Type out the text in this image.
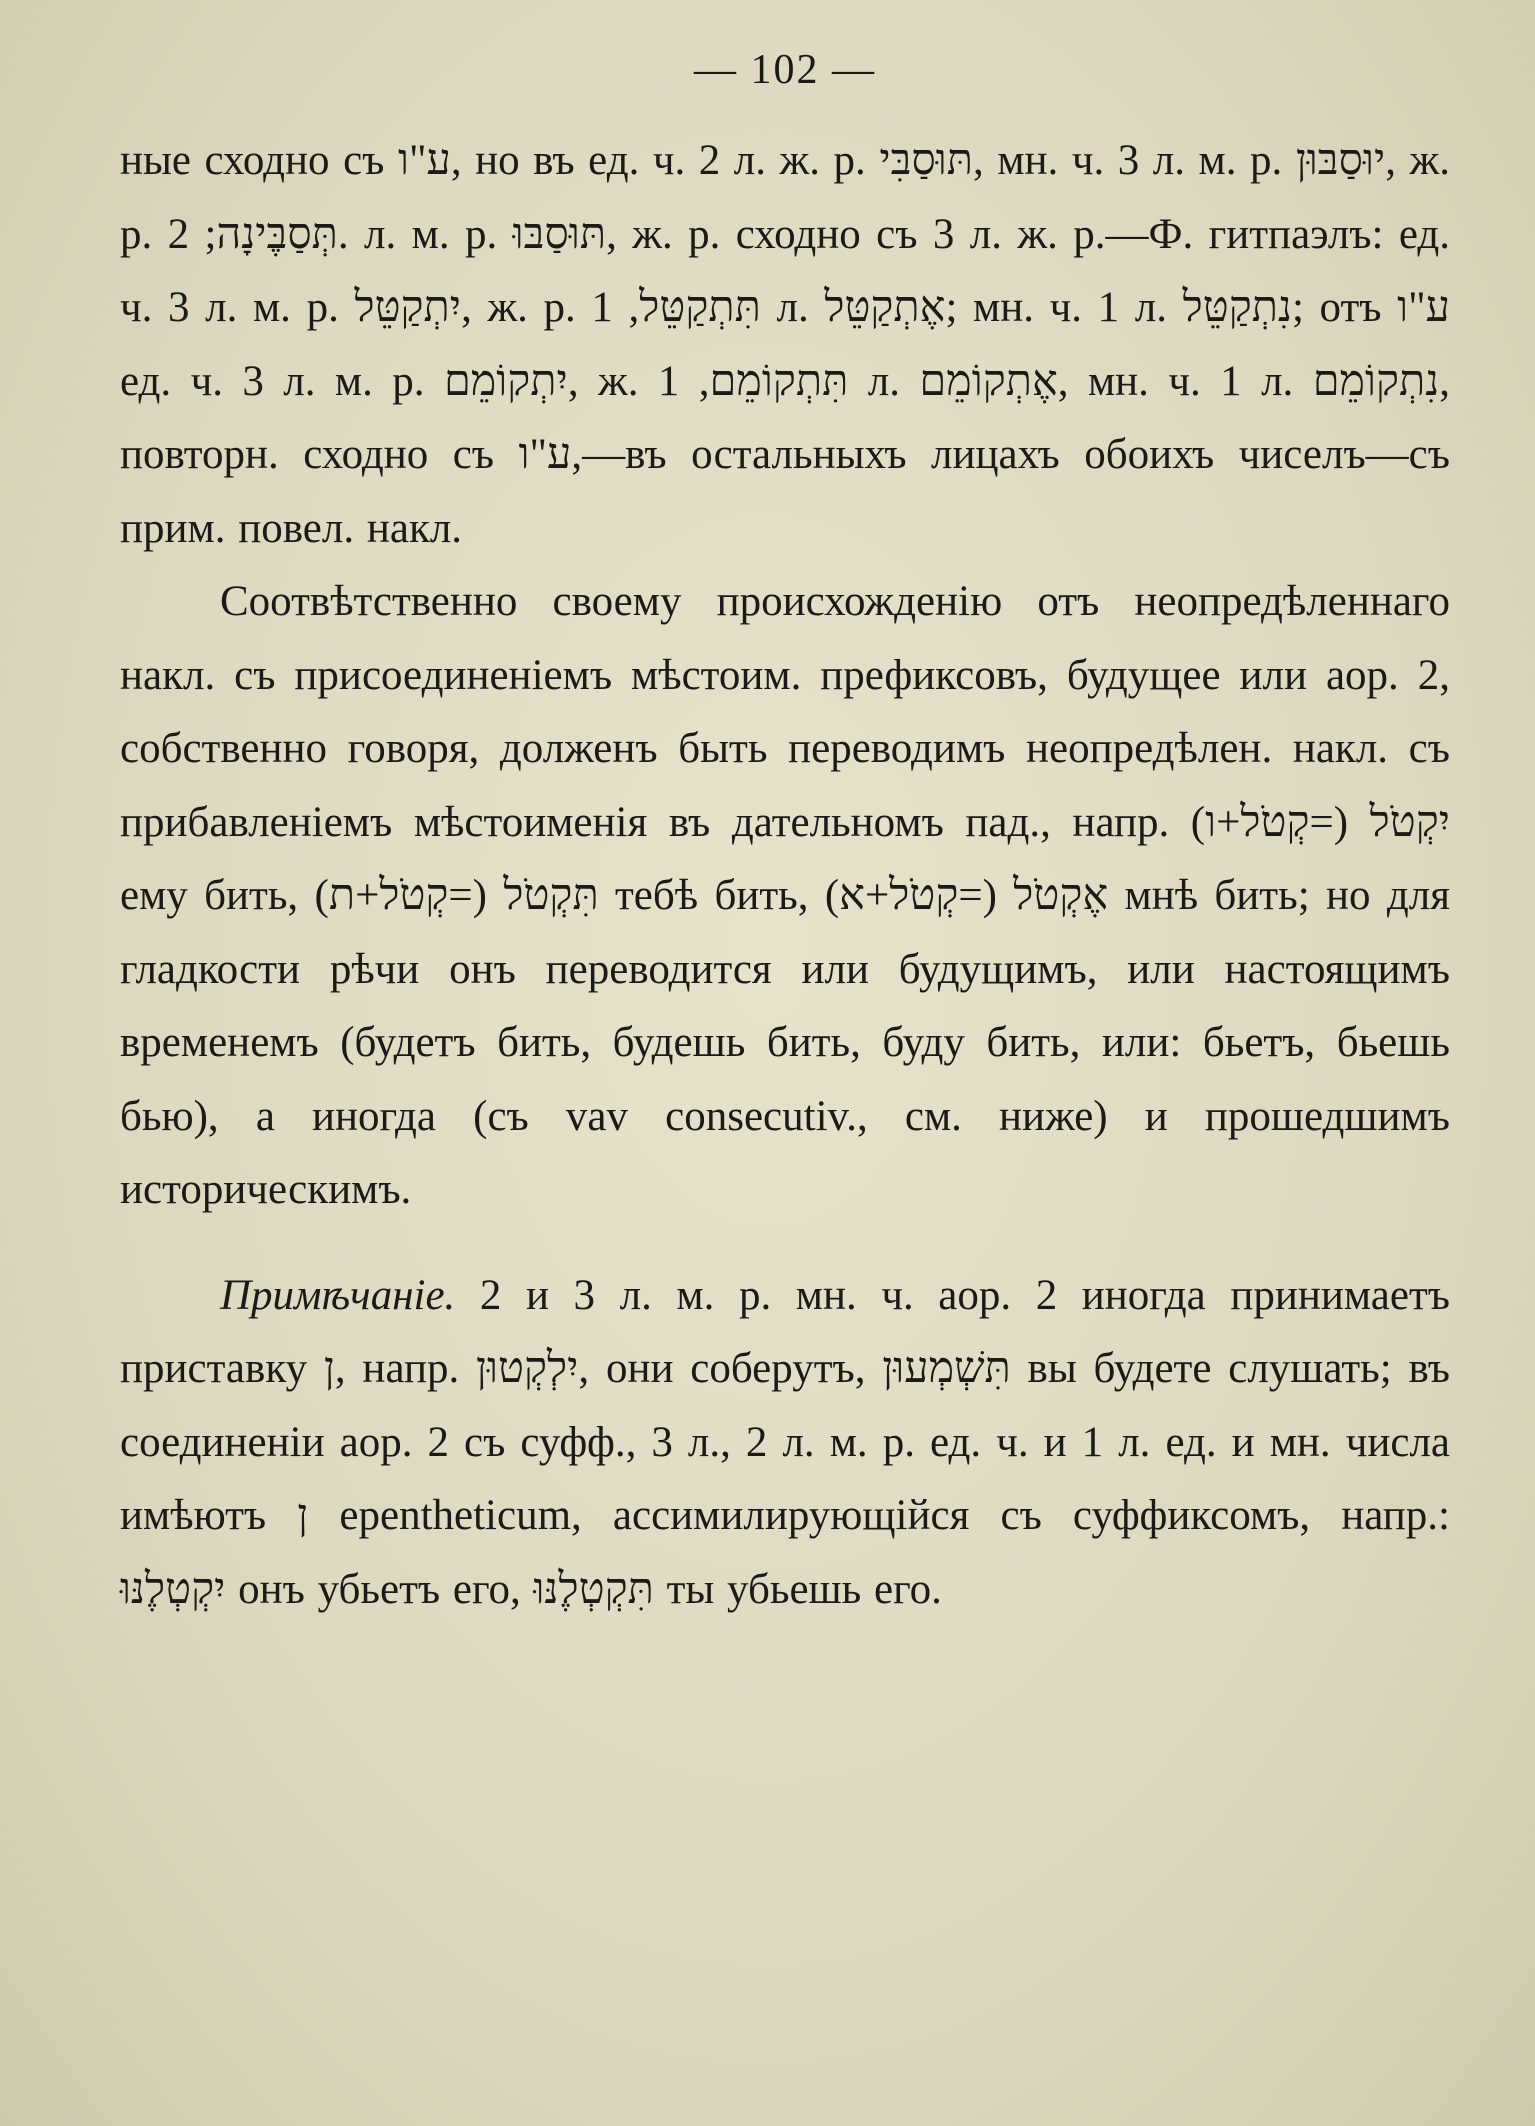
— 102 —

ные сходно съ ע"ו, но въ ед. ч. 2 л. ж. р. תּוּסַבִּי, мн. ч. 3 л. м. р. יוּסַבּוּן, ж. р. תְּסַבֶּינָה; 2. л. м. р. תּוּסַבּוּ, ж. р. сходно съ 3 л. ж. р.—Ф. гитпаэлъ: ед. ч. 3 л. м. р. יִתְקַטֵּל, ж. р. תִּתְקַטֵּל, 1 л. אֶתְקַטֵּל; мн. ч. 1 л. נִתְקַטֵּל; отъ ע"ו ед. ч. 3 л. м. р. יִתְקוֹמֵם, ж. תִּתְקוֹמֵם, 1 л. אֶתְקוֹמֵם, мн. ч. 1 л. נִתְקוֹמֵם, повторн. сходно съ ע"ו,—въ остальныхъ лицахъ обоихъ чиселъ—съ прим. повел. накл.

Соотвѣтственно своему происхожденію отъ неопредѣленнаго накл. съ присоединеніемъ мѣстоим. префиксовъ, будущее или аор. 2, собственно говоря, долженъ быть переводимъ неопредѣлен. накл. съ прибавленіемъ мѣстоименія въ дательномъ пад., напр. יִקְטֹל (=קְטֹל+ו) ему бить, תִּקְטֹל (=קְטֹל+ת) тебѣ бить, אֶקְטֹל (=קְטֹל+א) мнѣ бить; но для гладкости рѣчи онъ переводится или будущимъ, или настоящимъ временемъ (будетъ бить, будешь бить, буду бить, или: бьетъ, бьешь бью), а иногда (съ vav consecutiv., см. ниже) и прошедшимъ историческимъ.

Примѣчаніе. 2 и 3 л. м. р. мн. ч. аор. 2 иногда принимаетъ приставку ן, напр. יִלְקְטוּן, они соберутъ, תִּשְׁמְעוּן вы будете слушать; въ соединеніи аор. 2 съ суфф., 3 л., 2 л. м. р. ед. ч. и 1 л. ед. и мн. числа имѣютъ ן epentheticum, ассимилирующійся съ суффиксомъ, напр.: יִקְטְלֶנּוּ онъ убьетъ его, תִּקְטְלֶנּוּ ты убьешь его.
